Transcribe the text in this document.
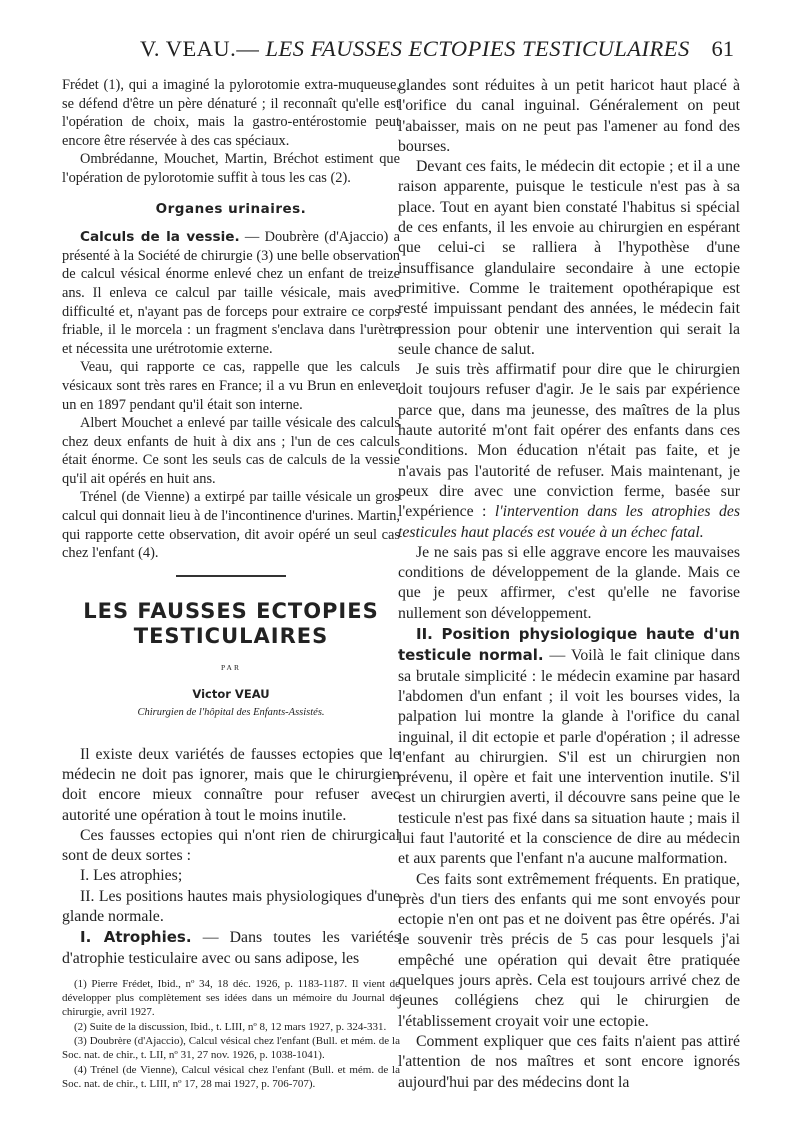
V. VEAU.— LES FAUSSES ECTOPIES TESTICULAIRES 61

Frédet (1), qui a imaginé la pylorotomie extra-muqueuse, se défend d'être un père dénaturé ; il reconnaît qu'elle est l'opération de choix, mais la gastro-entérostomie peut encore être réservée à des cas spéciaux.

Ombrédanne, Mouchet, Martin, Bréchot estiment que l'opération de pylorotomie suffit à tous les cas (2).

Organes urinaires.

Calculs de la vessie. — Doubrère (d'Ajaccio) a présenté à la Société de chirurgie (3) une belle observation de calcul vésical énorme enlevé chez un enfant de treize ans. Il enleva ce calcul par taille vésicale, mais avec difficulté et, n'ayant pas de forceps pour extraire ce corps friable, il le morcela : un fragment s'enclava dans l'urètre et nécessita une urétrotomie externe.

Veau, qui rapporte ce cas, rappelle que les calculs vésicaux sont très rares en France; il a vu Brun en enlever un en 1897 pendant qu'il était son interne.

Albert Mouchet a enlevé par taille vésicale des calculs chez deux enfants de huit à dix ans ; l'un de ces calculs était énorme. Ce sont les seuls cas de calculs de la vessie qu'il ait opérés en huit ans.

Trénel (de Vienne) a extirpé par taille vésicale un gros calcul qui donnait lieu à de l'incontinence d'urines. Martin, qui rapporte cette observation, dit avoir opéré un seul cas chez l'enfant (4).

LES FAUSSES ECTOPIES
TESTICULAIRES
PAR
Victor VEAU
Chirurgien de l'hôpital des Enfants-Assistés.

Il existe deux variétés de fausses ectopies que le médecin ne doit pas ignorer, mais que le chirurgien doit encore mieux connaître pour refuser avec autorité une opération à tout le moins inutile.

Ces fausses ectopies qui n'ont rien de chirurgical sont de deux sortes :

I. Les atrophies;

II. Les positions hautes mais physiologiques d'une glande normale.

I. Atrophies. — Dans toutes les variétés d'atrophie testiculaire avec ou sans adipose, les

(1) Pierre Frédet, Ibid., nº 34, 18 déc. 1926, p. 1183-1187. Il vient de développer plus complètement ses idées dans un mémoire du Journal de chirurgie, avril 1927.

(2) Suite de la discussion, Ibid., t. LIII, nº 8, 12 mars 1927, p. 324-331.

(3) Doubrère (d'Ajaccio), Calcul vésical chez l'enfant (Bull. et mém. de la Soc. nat. de chir., t. LII, nº 31, 27 nov. 1926, p. 1038-1041).

(4) Trénel (de Vienne), Calcul vésical chez l'enfant (Bull. et mém. de la Soc. nat. de chir., t. LIII, nº 17, 28 mai 1927, p. 706-707).

glandes sont réduites à un petit haricot haut placé à l'orifice du canal inguinal. Généralement on peut l'abaisser, mais on ne peut pas l'amener au fond des bourses.

Devant ces faits, le médecin dit ectopie ; et il a une raison apparente, puisque le testicule n'est pas à sa place. Tout en ayant bien constaté l'habitus si spécial de ces enfants, il les envoie au chirurgien en espérant que celui-ci se ralliera à l'hypothèse d'une insuffisance glandulaire secondaire à une ectopie primitive. Comme le traitement opothérapique est resté impuissant pendant des années, le médecin fait pression pour obtenir une intervention qui serait la seule chance de salut.

Je suis très affirmatif pour dire que le chirurgien doit toujours refuser d'agir. Je le sais par expérience parce que, dans ma jeunesse, des maîtres de la plus haute autorité m'ont fait opérer des enfants dans ces conditions. Mon éducation n'était pas faite, et je n'avais pas l'autorité de refuser. Mais maintenant, je peux dire avec une conviction ferme, basée sur l'expérience : l'intervention dans les atrophies des testicules haut placés est vouée à un échec fatal.

Je ne sais pas si elle aggrave encore les mauvaises conditions de développement de la glande. Mais ce que je peux affirmer, c'est qu'elle ne favorise nullement son développement.

II. Position physiologique haute d'un testicule normal. — Voilà le fait clinique dans sa brutale simplicité : le médecin examine par hasard l'abdomen d'un enfant ; il voit les bourses vides, la palpation lui montre la glande à l'orifice du canal inguinal, il dit ectopie et parle d'opération ; il adresse l'enfant au chirurgien. S'il est un chirurgien non prévenu, il opère et fait une intervention inutile. S'il est un chirurgien averti, il découvre sans peine que le testicule n'est pas fixé dans sa situation haute ; mais il lui faut l'autorité et la conscience de dire au médecin et aux parents que l'enfant n'a aucune malformation.

Ces faits sont extrêmement fréquents. En pratique, près d'un tiers des enfants qui me sont envoyés pour ectopie n'en ont pas et ne doivent pas être opérés. J'ai le souvenir très précis de 5 cas pour lesquels j'ai empêché une opération qui devait être pratiquée quelques jours après. Cela est toujours arrivé chez de jeunes collégiens chez qui le chirurgien de l'établissement croyait voir une ectopie.

Comment expliquer que ces faits n'aient pas attiré l'attention de nos maîtres et sont encore ignorés aujourd'hui par des médecins dont la
